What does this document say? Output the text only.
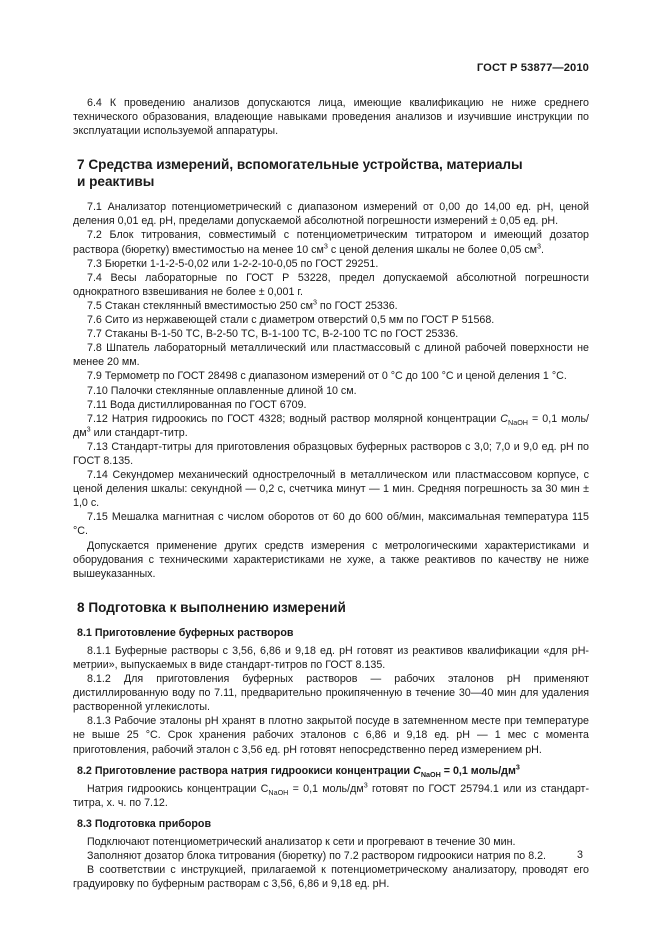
ГОСТ Р 53877—2010

6.4 К проведению анализов допускаются лица, имеющие квалификацию не ниже среднего технического образования, владеющие навыками проведения анализов и изучившие инструкции по эксплуатации используемой аппаратуры.

7 Средства измерений, вспомогательные устройства, материалы
и реактивы

7.1 Анализатор потенциометрический с диапазоном измерений от 0,00 до 14,00 ед. pH, ценой деления 0,01 ед. pH, пределами допускаемой абсолютной погрешности измерений ± 0,05 ед. pH.

7.2 Блок титрования, совместимый с потенциометрическим титратором и имеющий дозатор раствора (бюретку) вместимостью на менее 10 $см^3$ с ценой деления шкалы не более 0,05 $см^3$.

7.3 Бюретки 1-1-2-5-0,02 или 1-2-2-10-0,05 по ГОСТ 29251.

7.4 Весы лабораторные по ГОСТ Р 53228, предел допускаемой абсолютной погрешности однократного взвешивания не более ± 0,001 г.

7.5 Стакан стеклянный вместимостью 250 $см^3$ по ГОСТ 25336.

7.6 Сито из нержавеющей стали с диаметром отверстий 0,5 мм по ГОСТ Р 51568.

7.7 Стаканы В-1-50 ТС, В-2-50 ТС, В-1-100 ТС, В-2-100 ТС по ГОСТ 25336.

7.8 Шпатель лабораторный металлический или пластмассовый с длиной рабочей поверхности не менее 20 мм.

7.9 Термометр по ГОСТ 28498 с диапазоном измерений от 0 °С до 100 °С и ценой деления 1 °С.

7.10 Палочки стеклянные оплавленные длиной 10 см.

7.11 Вода дистиллированная по ГОСТ 6709.

7.12 Натрия гидроокись по ГОСТ 4328; водный раствор молярной концентрации $C_{NaOH} = 0,1$ моль/$дм^3$ или стандарт-титр.

7.13 Стандарт-титры для приготовления образцовых буферных растворов с 3,0; 7,0 и 9,0 ед. pH по ГОСТ 8.135.

7.14 Секундомер механический однострелочный в металлическом или пластмассовом корпусе, с ценой деления шкалы: секундной — 0,2 с, счетчика минут — 1 мин. Средняя погрешность за 30 мин ± 1,0 с.

7.15 Мешалка магнитная с числом оборотов от 60 до 600 об/мин, максимальная температура 115 °С.

Допускается применение других средств измерения с метрологическими характеристиками и оборудования с техническими характеристиками не хуже, а также реактивов по качеству не ниже вышеуказанных.

8 Подготовка к выполнению измерений

8.1 Приготовление буферных растворов

8.1.1 Буферные растворы с 3,56, 6,86 и 9,18 ед. pH готовят из реактивов квалификации «для pH-метрии», выпускаемых в виде стандарт-титров по ГОСТ 8.135.

8.1.2 Для приготовления буферных растворов — рабочих эталонов pH применяют дистиллированную воду по 7.11, предварительно прокипяченную в течение 30—40 мин для удаления растворенной углекислоты.

8.1.3 Рабочие эталоны pH хранят в плотно закрытой посуде в затемненном месте при температуре не выше 25 °С. Срок хранения рабочих эталонов с 6,86 и 9,18 ед. pH — 1 мес с момента приготовления, рабочий эталон с 3,56 ед. pH готовят непосредственно перед измерением pH.

8.2 Приготовление раствора натрия гидроокиси концентрации $C_{NaOH} = 0,1$ моль/$дм^3$

Натрия гидроокись концентрации $C_{NaOH} = 0,1$ моль/$дм^3$ готовят по ГОСТ 25794.1 или из стандарт-титра, х. ч. по 7.12.

8.3 Подготовка приборов

Подключают потенциометрический анализатор к сети и прогревают в течение 30 мин.

Заполняют дозатор блока титрования (бюретку) по 7.2 раствором гидроокиси натрия по 8.2.

В соответствии с инструкцией, прилагаемой к потенциометрическому анализатору, проводят его градуировку по буферным растворам с 3,56, 6,86 и 9,18 ед. pH.

3
